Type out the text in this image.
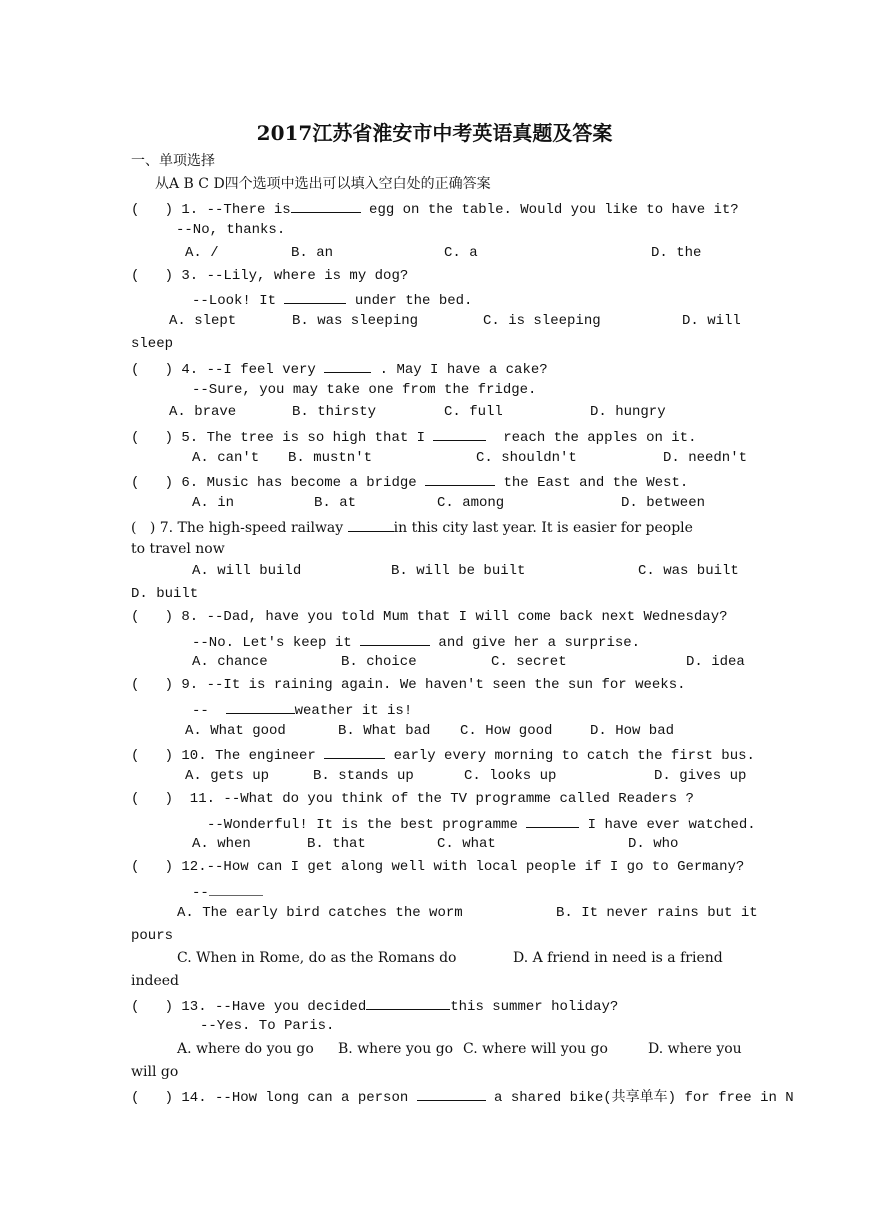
2017江苏省淮安市中考英语真题及答案
一、单项选择
从A B C D四个选项中选出可以填入空白处的正确答案
(   ) 1. --There is	egg on the table. Would you like to have it?
--No, thanks.
A. /	B. an	C. a	D. the
(   ) 3. --Lily, where is my dog?
--Look! It	under the bed.
A. slept	B. was sleeping	C. is sleeping	D. will
sleep
(   ) 4. --I feel very	. May I have a cake?
--Sure, you may take one from the fridge.
A. brave	B. thirsty	C. full	D. hungry
(   ) 5. The tree is so high that I	reach the apples on it.
A. can't B. mustn't	C. shouldn't	D. needn't
(   ) 6. Music has become a bridge	the East and the West.
A. in	B. at	C. among	D. between
(   ) 7. The high-speed railway	in this city last year. It is easier for people
to travel now
A. will build	B. will be built	C. was built
D. built
(   ) 8. --Dad, have you told Mum that I will come back next Wednesday?
--No. Let's keep it	and give her a surprise.
A. chance	B. choice	C. secret	D. idea
(   ) 9. --It is raining again. We haven't seen the sun for weeks.
--	weather it is!
A. What good	B. What bad C. How good	D. How bad
(   ) 10. The engineer	early every morning to catch the first bus.
A. gets up	B. stands up	C. looks up	D. gives up
(   )  11. --What do you think of the TV programme called Readers ?
--Wonderful! It is the best programme	I have ever watched.
A. when	B. that	C. what	D. who
(   ) 12.--How can I get along well with local people if I go to Germany?
--
A. The early bird catches the worm	B. It never rains but it
pours
C. When in Rome, do as the Romans do	D. A friend in need is a friend
indeed
(   ) 13. --Have you decided	this summer holiday?
--Yes. To Paris.
A. where do you go B. where you go C. where will you go	D. where you
will go
(   ) 14. --How long can a person	a shared bike(共享单车) for free in N
